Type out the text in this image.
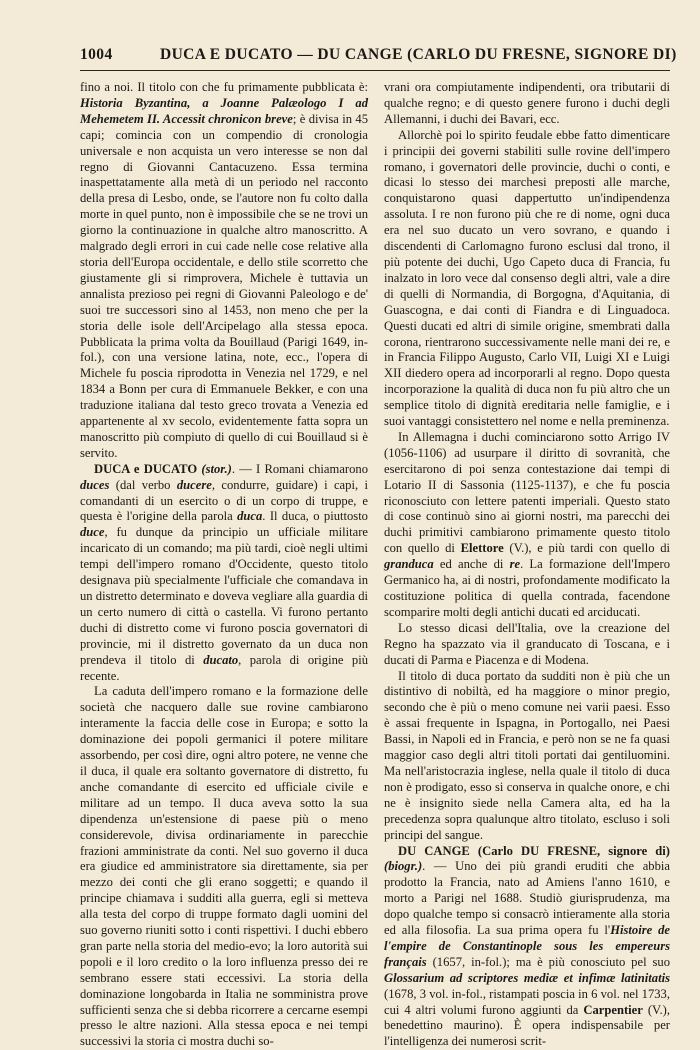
1004	DUCA E DUCATO — DU CANGE (CARLO DU FRESNE, SIGNORE DI)

fino a noi. Il titolo con che fu primamente pubblicata è: Historia Byzantina, a Joanne Palæologo I ad Mehemetem II. Accessit chronicon breve; è divisa in 45 capi; comincia con un compendio di cronologia universale e non acquista un vero interesse se non dal regno di Giovanni Cantacuzeno. Essa termina inaspettatamente alla metà di un periodo nel racconto della presa di Lesbo, onde, se l'autore non fu colto dalla morte in quel punto, non è impossibile che se ne trovi un giorno la continuazione in qualche altro manoscritto. A malgrado degli errori in cui cade nelle cose relative alla storia dell'Europa occidentale, e dello stile scorretto che giustamente gli si rimprovera, Michele è tuttavia un annalista prezioso pei regni di Giovanni Paleologo e de' suoi tre successori sino al 1453, non meno che per la storia delle isole dell'Arcipelago alla stessa epoca. Pubblicata la prima volta da Bouillaud (Parigi 1649, in-fol.), con una versione latina, note, ecc., l'opera di Michele fu poscia riprodotta in Venezia nel 1729, e nel 1834 a Bonn per cura di Emmanuele Bekker, e con una traduzione italiana dal testo greco trovata a Venezia ed appartenente al xv secolo, evidentemente fatta sopra un manoscritto più compiuto di quello di cui Bouillaud si è servito.

DUCA e DUCATO (stor.). — I Romani chiamarono duces (dal verbo ducere, condurre, guidare) i capi, i comandanti di un esercito o di un corpo di truppe, e questa è l'origine della parola duca. Il duca, o piuttosto duce, fu dunque da principio un ufficiale militare incaricato di un comando; ma più tardi, cioè negli ultimi tempi dell'impero romano d'Occidente, questo titolo designava più specialmente l'ufficiale che comandava in un distretto determinato e doveva vegliare alla guardia di un certo numero di città o castella. Vi furono pertanto duchi di distretto come vi furono poscia governatori di provincie, mi il distretto governato da un duca non prendeva il titolo di ducato, parola di origine più recente.

La caduta dell'impero romano e la formazione delle società che nacquero dalle sue rovine cambiarono interamente la faccia delle cose in Europa; e sotto la dominazione dei popoli germanici il potere militare assorbendo, per così dire, ogni altro potere, ne venne che il duca, il quale era soltanto governatore di distretto, fu anche comandante di esercito ed ufficiale civile e militare ad un tempo. Il duca aveva sotto la sua dipendenza un'estensione di paese più o meno considerevole, divisa ordinariamente in parecchie frazioni amministrate da conti. Nel suo governo il duca era giudice ed amministratore sia direttamente, sia per mezzo dei conti che gli erano soggetti; e quando il principe chiamava i sudditi alla guerra, egli si metteva alla testa del corpo di truppe formato dagli uomini del suo governo riuniti sotto i conti rispettivi. I duchi ebbero gran parte nella storia del medio-evo; la loro autorità sui popoli e il loro credito o la loro influenza presso dei re sembrano essere stati eccessivi. La storia della dominazione longobarda in Italia ne somministra prove sufficienti senza che si debba ricorrere a cercarne esempi presso le altre nazioni. Alla stessa epoca e nei tempi successivi la storia ci mostra duchi so-

vrani ora compiutamente indipendenti, ora tributarii di qualche regno; e di questo genere furono i duchi degli Allemanni, i duchi dei Bavari, ecc.

Allorchè poi lo spirito feudale ebbe fatto dimenticare i principii dei governi stabiliti sulle rovine dell'impero romano, i governatori delle provincie, duchi o conti, e dicasi lo stesso dei marchesi preposti alle marche, conquistarono quasi dappertutto un'indipendenza assoluta. I re non furono più che re di nome, ogni duca era nel suo ducato un vero sovrano, e quando i discendenti di Carlomagno furono esclusi dal trono, il più potente dei duchi, Ugo Capeto duca di Francia, fu inalzato in loro vece dal consenso degli altri, vale a dire di quelli di Normandia, di Borgogna, d'Aquitania, di Guascogna, e dai conti di Fiandra e di Linguadoca. Questi ducati ed altri di simile origine, smembrati dalla corona, rientrarono successivamente nelle mani dei re, e in Francia Filippo Augusto, Carlo VII, Luigi XI e Luigi XII diedero opera ad incorporarli al regno. Dopo questa incorporazione la qualità di duca non fu più altro che un semplice titolo di dignità ereditaria nelle famiglie, e i suoi vantaggi consistettero nel nome e nella preminenza.

In Allemagna i duchi cominciarono sotto Arrigo IV (1056-1106) ad usurpare il diritto di sovranità, che esercitarono di poi senza contestazione dai tempi di Lotario II di Sassonia (1125-1137), e che fu poscia riconosciuto con lettere patenti imperiali. Questo stato di cose continuò sino ai giorni nostri, ma parecchi dei duchi primitivi cambiarono primamente questo titolo con quello di Elettore (V.), e più tardi con quello di granduca ed anche di re. La formazione dell'Impero Germanico ha, ai di nostri, profondamente modificato la costituzione politica di quella contrada, facendone scomparire molti degli antichi ducati ed arciducati.

Lo stesso dicasi dell'Italia, ove la creazione del Regno ha spazzato via il granducato di Toscana, e i ducati di Parma e Piacenza e di Modena.

Il titolo di duca portato da sudditi non è più che un distintivo di nobiltà, ed ha maggiore o minor pregio, secondo che è più o meno comune nei varii paesi. Esso è assai frequente in Ispagna, in Portogallo, nei Paesi Bassi, in Napoli ed in Francia, e però non se ne fa quasi maggior caso degli altri titoli portati dai gentiluomini. Ma nell'aristocrazia inglese, nella quale il titolo di duca non è prodigato, esso si conserva in qualche onore, e chi ne è insignito siede nella Camera alta, ed ha la precedenza sopra qualunque altro titolato, escluso i soli principi del sangue.

DU CANGE (Carlo DU FRESNE, signore di) (biogr.). — Uno dei più grandi eruditi che abbia prodotto la Francia, nato ad Amiens l'anno 1610, e morto a Parigi nel 1688. Studiò giurisprudenza, ma dopo qualche tempo si consacrò intieramente alla storia ed alla filosofia. La sua prima opera fu l'Histoire de l'empire de Constantinople sous les empereurs français (1657, in-fol.); ma è più conosciuto pel suo Glossarium ad scriptores mediæ et infimæ latinitatis (1678, 3 vol. in-fol., ristampati poscia in 6 vol. nel 1733, cui 4 altri volumi furono aggiunti da Carpentier (V.), benedettino maurino). È opera indispensabile per l'intelligenza dei numerosi scrit-
